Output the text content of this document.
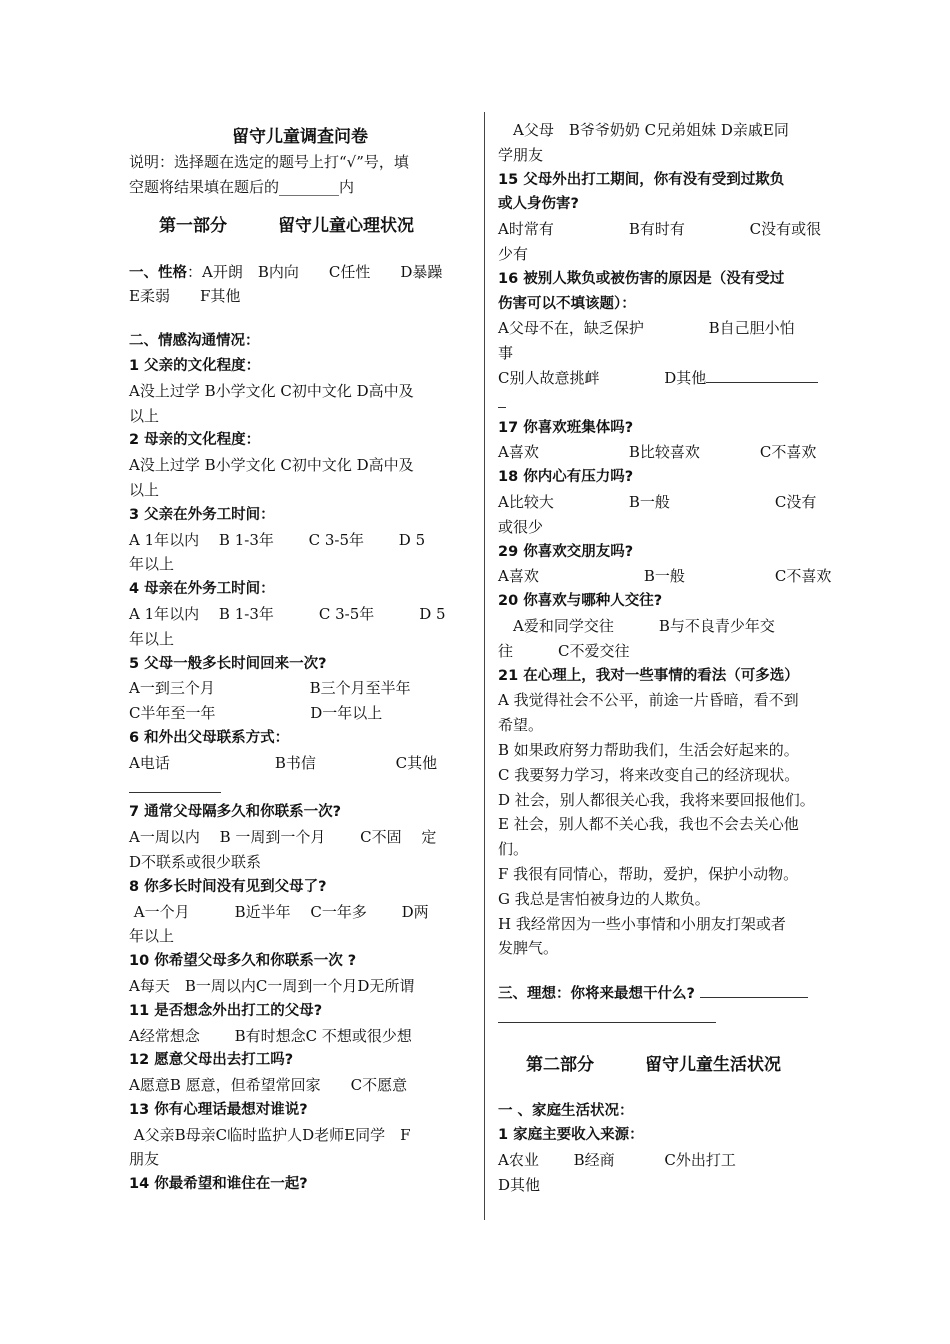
留守儿童调查问卷
说明：选择题在选定的题号上打“√”号，填
空题将结果填在题后的________内
第一部分　　　留守儿童心理状况
一、性格：A开朗　B内向　　C任性　　D暴躁
E柔弱　　F其他
二、情感沟通情况：
1 父亲的文化程度：
A没上过学 B小学文化 C初中文化 D高中及
以上
2 母亲的文化程度：
A没上过学 B小学文化 C初中文化 D高中及
以上
3 父亲在外务工时间：
A 1年以内　 B 1-3年　　 C 3-5年　　 D 5
年以上
4 母亲在外务工时间：
A 1年以内　 B 1-3年　　　C 3-5年　　　D 5
年以上
5 父母一般多长时间回来一次?
A一到三个月　　　　　　 B三个月至半年
C半年至一年　　　　　　 D一年以上
6 和外出父母联系方式：
A电话　　　　　　　B书信　　　　　 C其他
7 通常父母隔多久和你联系一次?
A一周以内　 B 一周到一个月　　 C不固　 定
D不联系或很少联系
8 你多长时间没有见到父母了?
A一个月　　　B近半年　 C一年多　　 D两
年以上
10 你希望父母多久和你联系一次 ?
A每天　B一周以内C一周到一个月D无所谓
11 是否想念外出打工的父母?
A经常想念　　 B有时想念C 不想或很少想
12 愿意父母出去打工吗?
A愿意B 愿意，但希望常回家　　C不愿意
13 你有心理话最想对谁说?
A父亲B母亲C临时监护人D老师E同学　F
朋友
14 你最希望和谁住在一起?
　A父母　B爷爷奶奶 C兄弟姐妹 D亲戚E同
学朋友
15 父母外出打工期间，你有没有受到过欺负
或人身伤害?
A时常有　　　　　B有时有　　　　 C没有或很
少有
16 被别人欺负或被伤害的原因是（没有受过
伤害可以不填该题）：
A父母不在，缺乏保护　　　　 B自己胆小怕
事
C别人故意挑衅　　　　 D其他
17 你喜欢班集体吗?
A喜欢　　　　　　B比较喜欢　　　　C不喜欢
18 你内心有压力吗?
A比较大　　　　　B一般　　　　　　　C没有
或很少
29 你喜欢交朋友吗?
A喜欢　　　　　　　B一般　　　　　　C不喜欢
20 你喜欢与哪种人交往?
　A爱和同学交往　　　B与不良青少年交
往　　　C不爱交往
21 在心理上，我对一些事情的看法（可多选）
A 我觉得社会不公平，前途一片昏暗，看不到
希望。
B 如果政府努力帮助我们，生活会好起来的。
C 我要努力学习，将来改变自己的经济现状。
D 社会，别人都很关心我，我将来要回报他们。
E 社会，别人都不关心我，我也不会去关心他
们。
F 我很有同情心，帮助，爱护，保护小动物。
G 我总是害怕被身边的人欺负。
H 我经常因为一些小事情和小朋友打架或者
发脾气。
三、理想：你将来最想干什么?
第二部分　　　留守儿童生活状况
一 、家庭生活状况：
1 家庭主要收入来源：
A农业　　 B经商　　　 C外出打工
D其他
